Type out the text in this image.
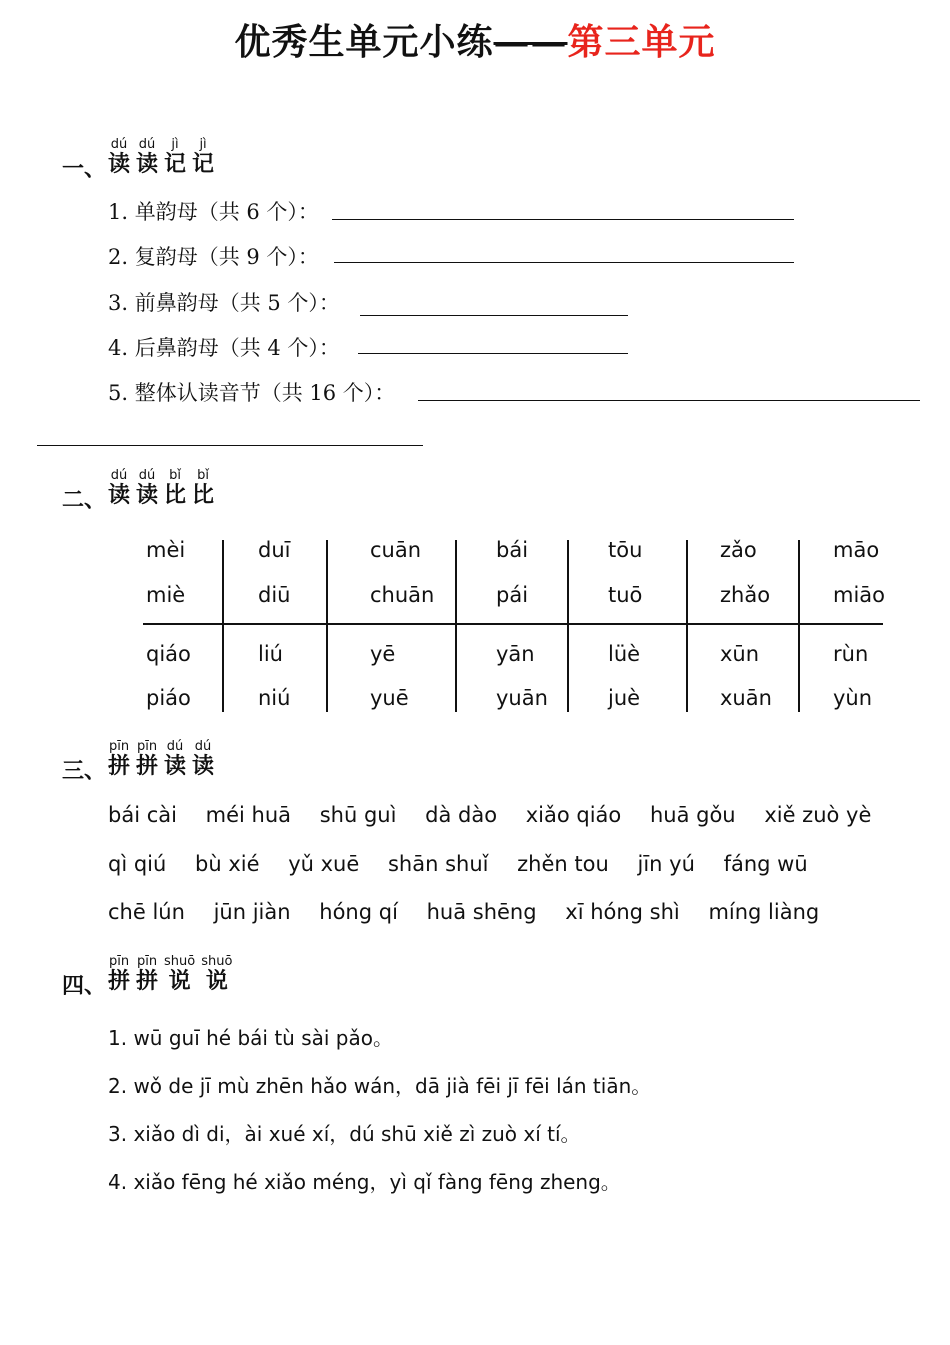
优秀生单元小练——第三单元
一、
dú
读
dú
读
jì
记
jì
记
1. 单韵母（共 6 个）：
2. 复韵母（共 9 个）：
3. 前鼻韵母（共 5 个）：
4. 后鼻韵母（共 4 个）：
5. 整体认读音节（共 16 个）：
二、
dú
读
dú
读
bǐ
比
bǐ
比
mèi
miè
duī
diū
cuān
chuān
bái
pái
tōu
tuō
zǎo
zhǎo
māo
miāo
qiáo
piáo
liú
niú
yē
yuē
yān
yuān
lüè
juè
xūn
xuān
rùn
yùn
三、
pīn
拼
pīn
拼
dú
读
dú
读
bái cài méi huā shū guì dà dào xiǎo qiáo huā gǒu xiě zuò yè
qì qiú bù xié yǔ xuē shān shuǐ zhěn tou jīn yú fáng wū
chē lún jūn jiàn hóng qí huā shēng xī hóng shì míng liàng
四、
pīn
拼
pīn
拼
shuō
说
shuō
说
1. wū guī hé bái tù sài pǎo。
2. wǒ de jī mù zhēn hǎo wán，dā jià fēi jī fēi lán tiān。
3. xiǎo dì di，ài xué xí，dú shū xiě zì zuò xí tí。
4. xiǎo fēng hé xiǎo méng，yì qǐ fàng fēng zheng。
